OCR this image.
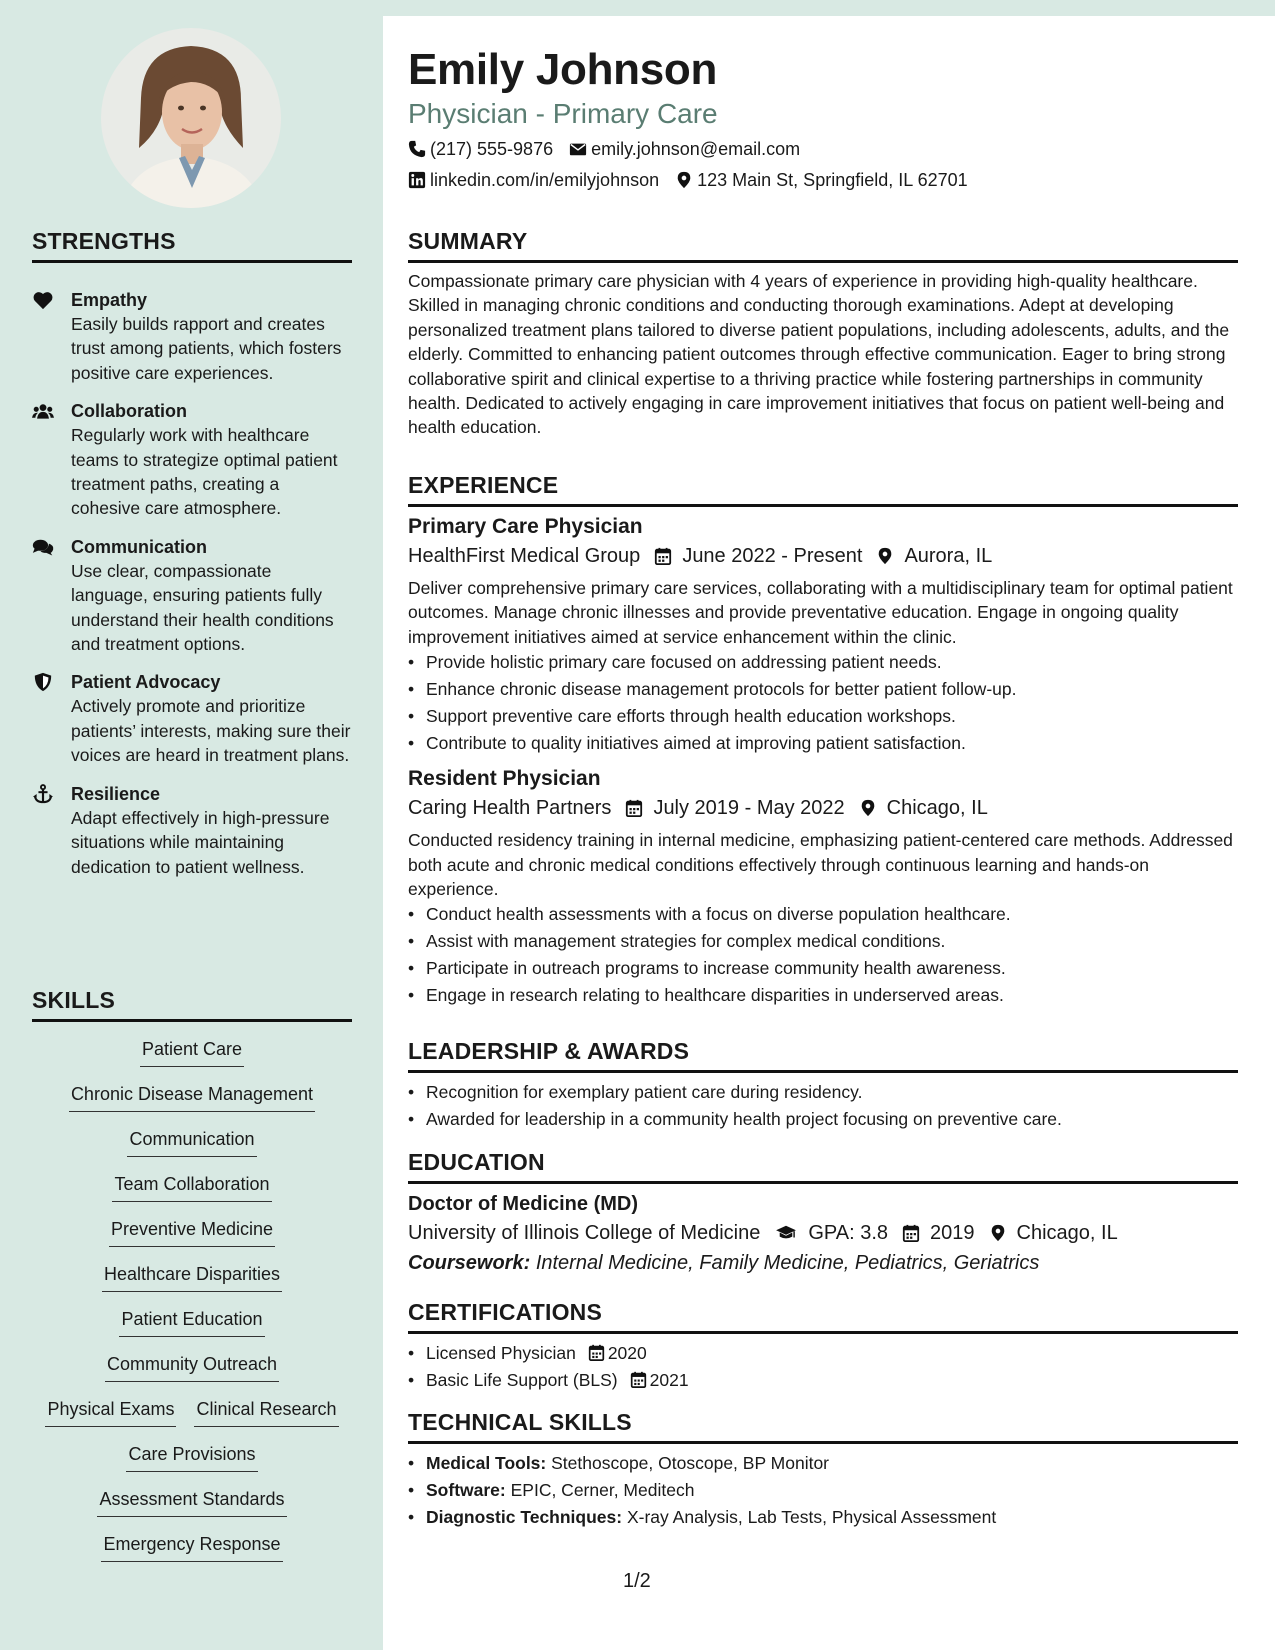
STRENGTHS
Empathy
Easily builds rapport and creates trust among patients, which fosters positive care experiences.
Collaboration
Regularly work with healthcare teams to strategize optimal patient treatment paths, creating a cohesive care atmosphere.
Communication
Use clear, compassionate language, ensuring patients fully understand their health conditions and treatment options.
Patient Advocacy
Actively promote and prioritize patients’ interests, making sure their voices are heard in treatment plans.
Resilience
Adapt effectively in high-pressure situations while maintaining dedication to patient wellness.
SKILLS
Patient Care
Chronic Disease Management
Communication
Team Collaboration
Preventive Medicine
Healthcare Disparities
Patient Education
Community Outreach
Physical Exams Clinical Research
Care Provisions
Assessment Standards
Emergency Response
Emily Johnson
Physician - Primary Care
(217) 555-9876 emily.johnson@email.com
linkedin.com/in/emilyjohnson 123 Main St, Springfield, IL 62701
SUMMARY
Compassionate primary care physician with 4 years of experience in providing high-quality healthcare. Skilled in managing chronic conditions and conducting thorough examinations. Adept at developing personalized treatment plans tailored to diverse patient populations, including adolescents, adults, and the elderly. Committed to enhancing patient outcomes through effective communication. Eager to bring strong collaborative spirit and clinical expertise to a thriving practice while fostering partnerships in community health. Dedicated to actively engaging in care improvement initiatives that focus on patient well-being and health education.
EXPERIENCE
Primary Care Physician
HealthFirst Medical Group June 2022 - Present Aurora, IL
Deliver comprehensive primary care services, collaborating with a multidisciplinary team for optimal patient outcomes. Manage chronic illnesses and provide preventative education. Engage in ongoing quality improvement initiatives aimed at service enhancement within the clinic.
• Provide holistic primary care focused on addressing patient needs.
• Enhance chronic disease management protocols for better patient follow-up.
• Support preventive care efforts through health education workshops.
• Contribute to quality initiatives aimed at improving patient satisfaction.
Resident Physician
Caring Health Partners July 2019 - May 2022 Chicago, IL
Conducted residency training in internal medicine, emphasizing patient-centered care methods. Addressed both acute and chronic medical conditions effectively through continuous learning and hands-on experience.
• Conduct health assessments with a focus on diverse population healthcare.
• Assist with management strategies for complex medical conditions.
• Participate in outreach programs to increase community health awareness.
• Engage in research relating to healthcare disparities in underserved areas.
LEADERSHIP & AWARDS
• Recognition for exemplary patient care during residency.
• Awarded for leadership in a community health project focusing on preventive care.
EDUCATION
Doctor of Medicine (MD)
University of Illinois College of Medicine GPA: 3.8 2019 Chicago, IL
Coursework: Internal Medicine, Family Medicine, Pediatrics, Geriatrics
CERTIFICATIONS
• Licensed Physician 2020
• Basic Life Support (BLS) 2021
TECHNICAL SKILLS
• Medical Tools: Stethoscope, Otoscope, BP Monitor
• Software: EPIC, Cerner, Meditech
• Diagnostic Techniques: X-ray Analysis, Lab Tests, Physical Assessment
1/2
